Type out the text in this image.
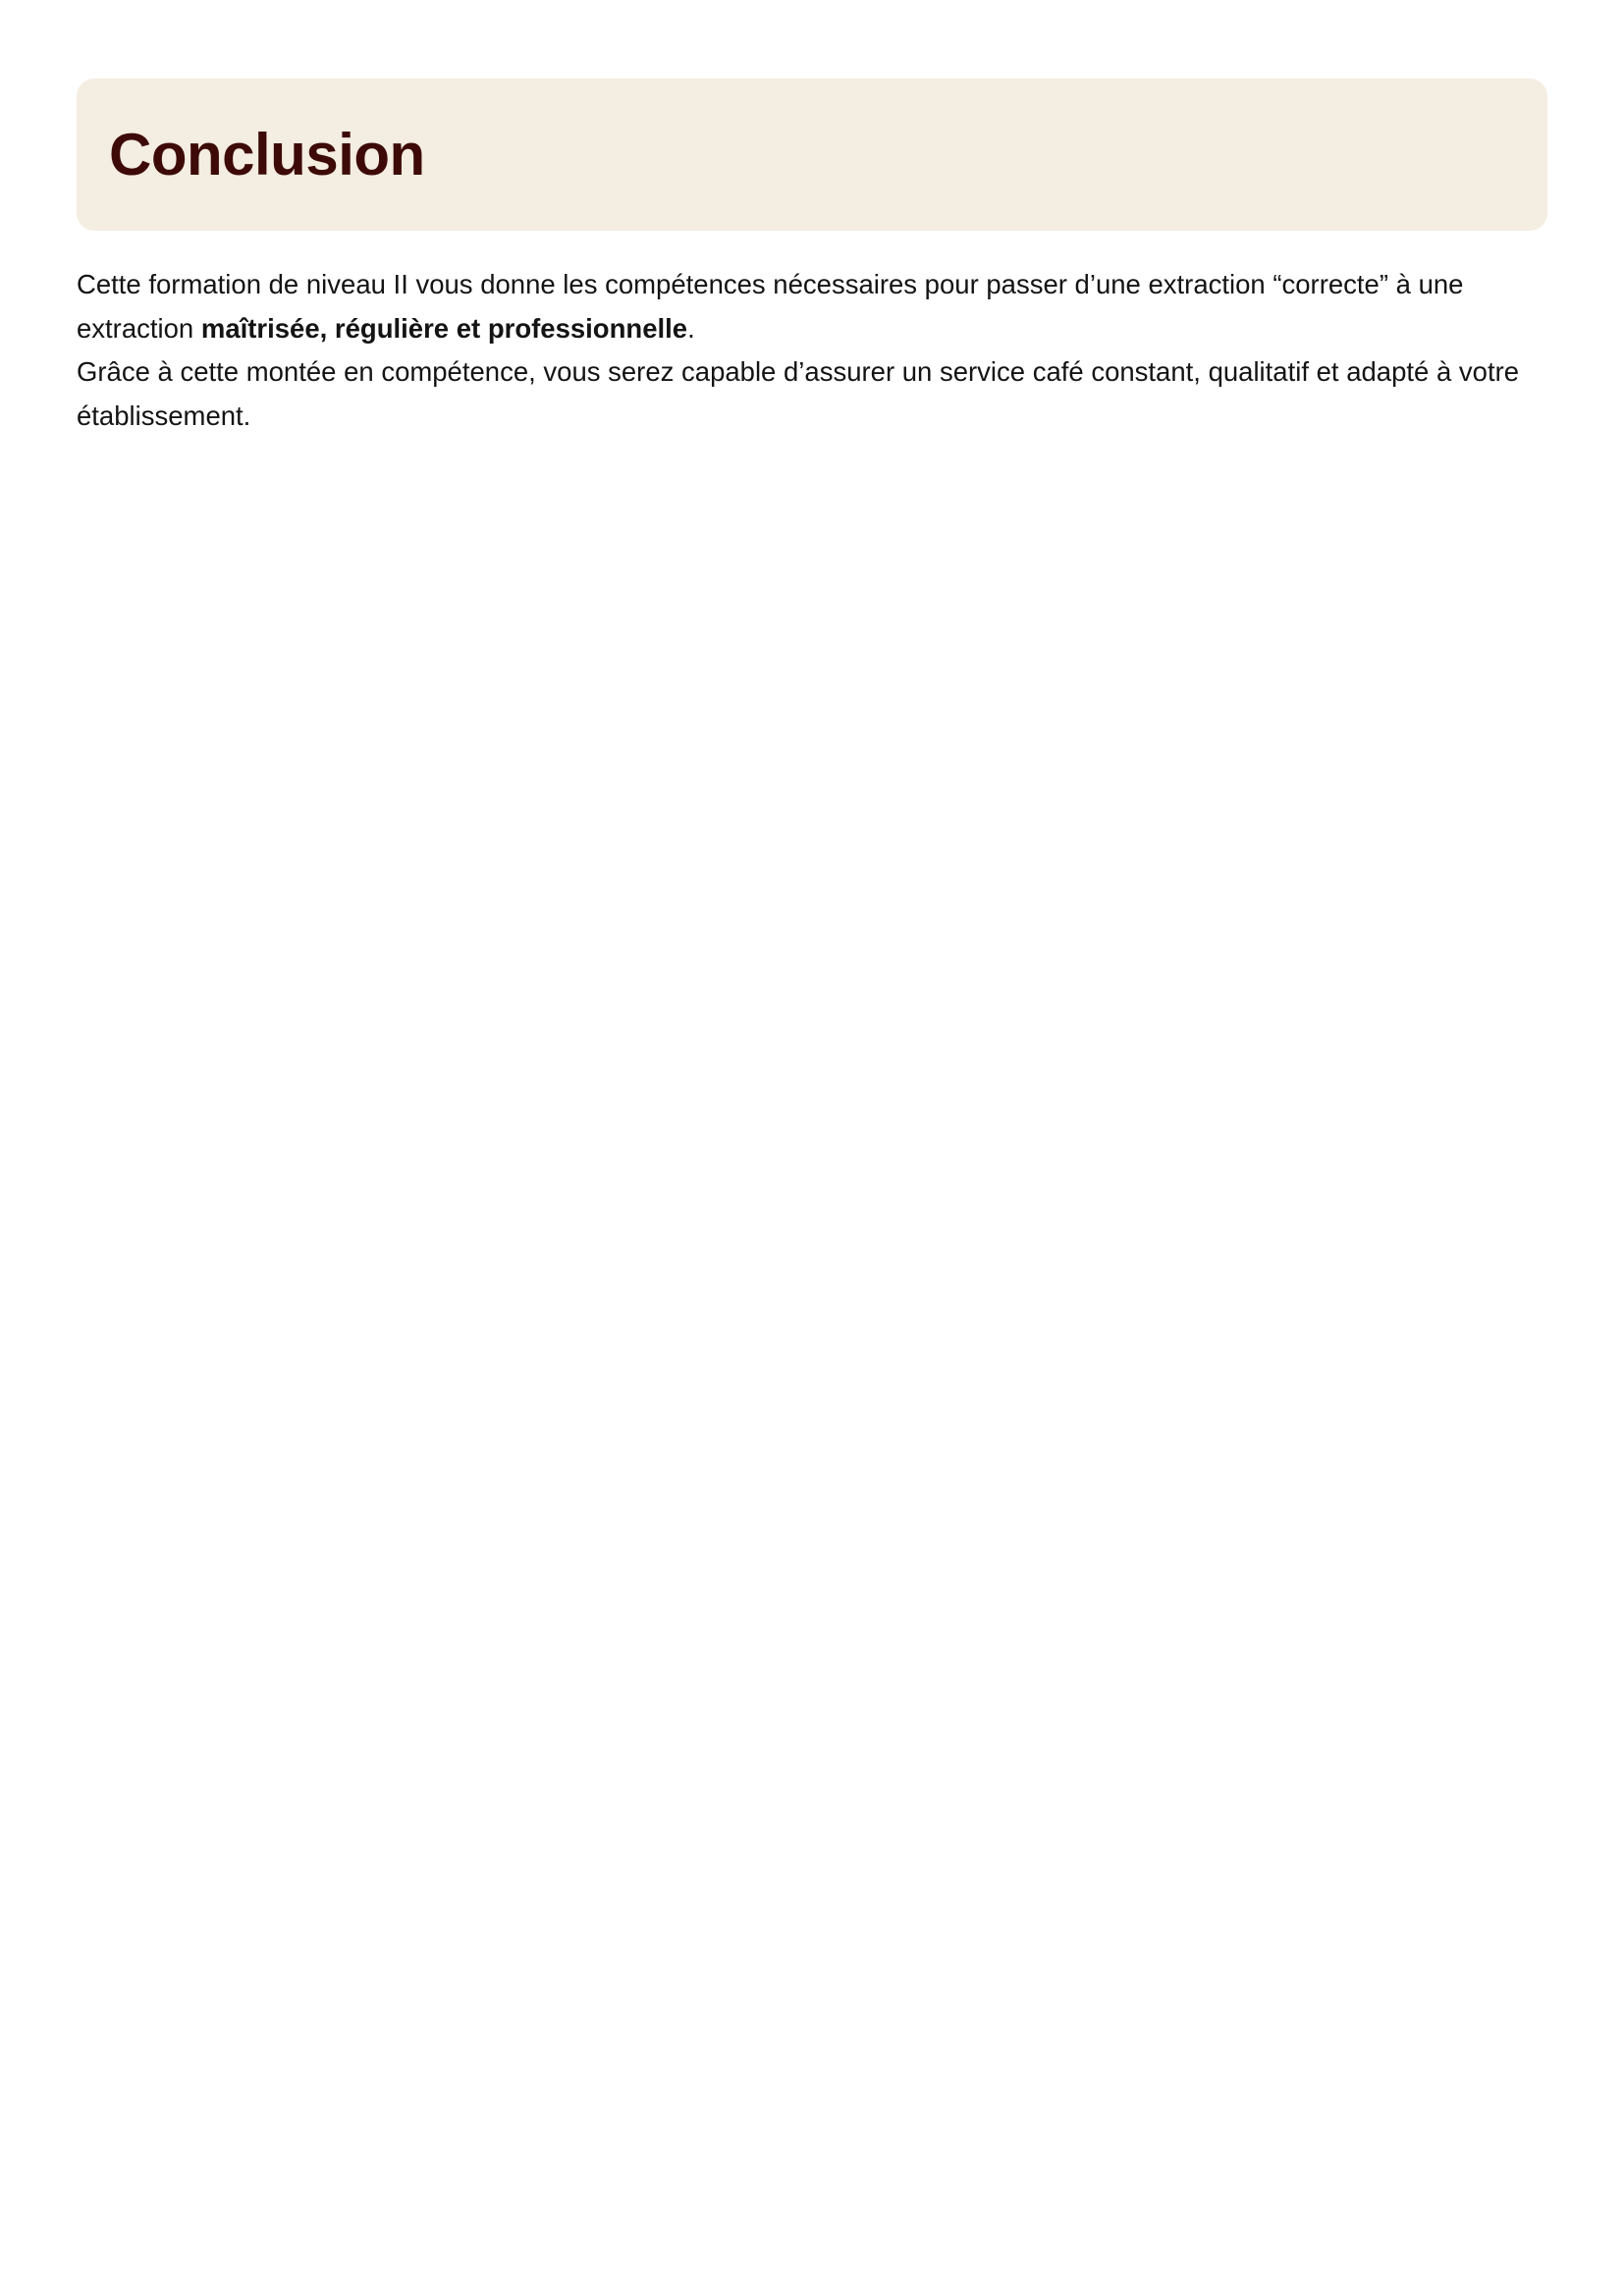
Conclusion

Cette formation de niveau II vous donne les compétences nécessaires pour passer d’une extraction “correcte” à une extraction maîtrisée, régulière et professionnelle.

Grâce à cette montée en compétence, vous serez capable d’assurer un service café constant, qualitatif et adapté à votre établissement.
